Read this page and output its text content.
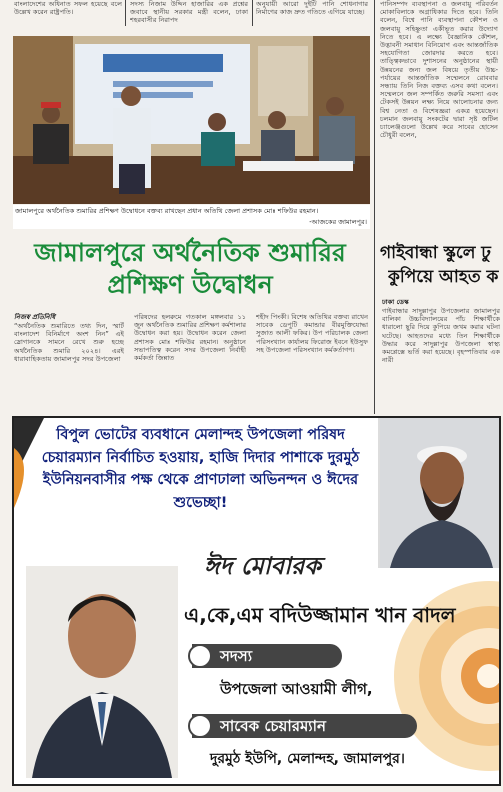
বাংলাদেশের অধিনাত সফল হয়েছে বলে উল্লেখ করেন রাষ্ট্রপতি।
সদস্য নিজাম উদ্দিন হাজারির এক প্রশ্নের জবাবে স্থানীয় সরকার মন্ত্রী বলেন, ঢাকা শহরবাসীর নিরাপদ
অনুযায়ী আরো দুইটি পানি শোধনাগার নির্মাণের কাজ দ্রুত গতিতে এগিয়ে যাচ্ছে।
পানিসম্পদ ব্যবস্থাপনা ও জলবায়ু পরিবর্তন মোকাবিলাকে অগ্রাধিকার দিতে হবে। তিনি বলেন, বিশ্বে পানি ব্যবস্থাপনা কৌশল ও জলবায়ু সহিষ্ণুতা একীভূত করার উদ্যোগ নিতে হবে। এ লক্ষ্যে বৈজ্ঞানিক কৌশল, উদ্ভাবনী সমাধান বিনিয়োগ এবং আন্তর্জাতিক সহযোগিতা জোরদার করতে হবে। তাত্ত্বিকভাবে দুশাসনের অনুষ্ঠানের স্থায়ী উন্নয়নের জন্য জল বিষয়ে তৃতীয় উচ্চ-পর্যায়ের আন্তর্জাতিক সম্মেলনে রোববার সন্ধ্যায় তিনি নিজ বক্তব্য এসব কথা বলেন। সম্মেলনে জল সম্পর্কিত জরুরি সমস্যা এবং টেকসই উন্নয়ন লক্ষ্য নিয়ে আলোচনার জন্য বিশ্ব নেতা ও বিশেষজ্ঞরা একত্র হয়েছেন। চলমান জলবায়ু সংকটের দ্বারা সৃষ্ট জটিল চ্যালেঞ্জগুলো উল্লেখ করে সাবের হোসেন চৌধুরী বলেন,
জামালপুরে অর্থনৈতিক শুমারির প্রশিক্ষণ উদ্বোধনে বক্তব্য রাখছেন প্রধান অতিথি জেলা প্রশাসক মোঃ শফিউর রহমান।
-আজকের জামালপুর।
জামালপুরে অর্থনৈতিক শুমারির
প্রশিক্ষণ উদ্বোধন
গাইবান্ধা স্কুলে ঢু
কুপিয়ে আহত ক
ঢাকা ডেস্ক
গাইবান্ধার সাদুল্লাপুর উপজেলার জামালপুর বালিকা উচ্চবিদ্যালয়ের পাঁচ শিক্ষার্থীকে ধারালো ছুরি দিয়ে কুপিয়ে জখম করার ঘটনা ঘটেছে। আহতদের মধ্যে তিন শিক্ষার্থীকে উদ্ধার করে সাদুল্লাপুর উপজেলা স্বাস্থ্য কমপ্লেক্সে ভর্তি করা হয়েছে। বৃহস্পতিবার এক নারী
নিজস্ব প্রতিনিধি
“অর্থনৈতিক শুমারিতে তথ্য দিন, স্মার্ট বাংলাদেশ বিনির্মাণে অংশ নিন” এই স্লোগানকে সামনে রেখে শুরু হচ্ছে অর্থনৈতিক শুমারি ২০২৪। এরই ধারাবাহিকতায় জামালপুর সদর উপজেলা
পরিষদের হলরুমে গতকাল মঙ্গলবার ১১ জুন অর্থনৈতিক শুমারির প্রশিক্ষণ কর্মশালার উদ্বোধন করা হয়। উদ্বোধন করেন জেলা প্রশাসক মোঃ শফিউর রহমান। অনুষ্ঠানে সভাপতিত্ব করেন সদর উপজেলা নির্বাহী কর্মকর্তা জিন্নাত
শহীদ পিংকী। বিশেষ অতিথির বক্তব্য রাখেন সাবেক ডেপুটি কমান্ডার বীরমুক্তিযোদ্ধা সুজাত আলী ফকির। উপ পরিচালক জেলা পরিসংখ্যান কার্যালয় ফিরোজ ইবনে ইউসুফ সহ উপজেলা পরিসংখ্যান কর্মকর্তাগণ।
বিপুল ভোটের ব্যবধানে মেলান্দহ উপজেলা পরিষদ চেয়ারম্যান নির্বাচিত হওয়ায়, হাজি দিদার পাশাকে দুরমুঠ ইউনিয়নবাসীর পক্ষ থেকে প্রাণঢালা অভিনন্দন ও ঈদের শুভেচ্ছা!
ঈদ মোবারক
এ,কে,এম বদিউজ্জামান খান বাদল
সদস্য
উপজেলা আওয়ামী লীগ,
সাবেক চেয়ারম্যান
দুরমুঠ ইউপি, মেলান্দহ, জামালপুর।
